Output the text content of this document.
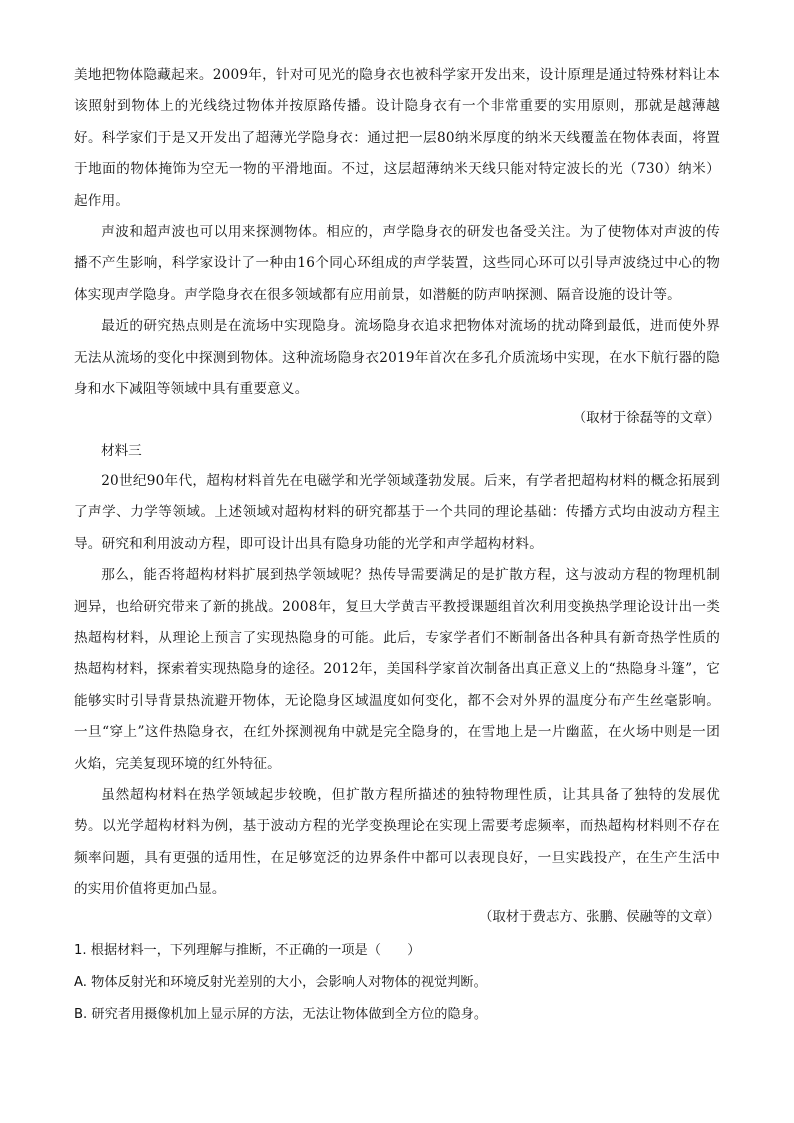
美地把物体隐藏起来。2009年，针对可见光的隐身衣也被科学家开发出来，设计原理是通过特殊材料让本该照射到物体上的光线绕过物体并按原路传播。设计隐身衣有一个非常重要的实用原则，那就是越薄越好。科学家们于是又开发出了超薄光学隐身衣：通过把一层80纳米厚度的纳米天线覆盖在物体表面，将置于地面的物体掩饰为空无一物的平滑地面。不过，这层超薄纳米天线只能对特定波长的光（730）纳米）起作用。

声波和超声波也可以用来探测物体。相应的，声学隐身衣的研发也备受关注。为了使物体对声波的传播不产生影响，科学家设计了一种由16个同心环组成的声学装置，这些同心环可以引导声波绕过中心的物体实现声学隐身。声学隐身衣在很多领域都有应用前景，如潜艇的防声呐探测、隔音设施的设计等。

最近的研究热点则是在流场中实现隐身。流场隐身衣追求把物体对流场的扰动降到最低，进而使外界无法从流场的变化中探测到物体。这种流场隐身衣2019年首次在多孔介质流场中实现，在水下航行器的隐身和水下减阻等领域中具有重要意义。

（取材于徐磊等的文章）
材料三

20世纪90年代，超构材料首先在电磁学和光学领域蓬勃发展。后来，有学者把超构材料的概念拓展到了声学、力学等领域。上述领域对超构材料的研究都基于一个共同的理论基础：传播方式均由波动方程主导。研究和利用波动方程，即可设计出具有隐身功能的光学和声学超构材料。

那么，能否将超构材料扩展到热学领域呢？热传导需要满足的是扩散方程，这与波动方程的物理机制迥异，也给研究带来了新的挑战。2008年，复旦大学黄吉平教授课题组首次利用变换热学理论设计出一类热超构材料，从理论上预言了实现热隐身的可能。此后，专家学者们不断制备出各种具有新奇热学性质的热超构材料，探索着实现热隐身的途径。2012年，美国科学家首次制备出真正意义上的“热隐身斗篷”，它能够实时引导背景热流避开物体，无论隐身区域温度如何变化，都不会对外界的温度分布产生丝毫影响。一旦“穿上”这件热隐身衣，在红外探测视角中就是完全隐身的，在雪地上是一片幽蓝，在火场中则是一团火焰，完美复现环境的红外特征。

虽然超构材料在热学领域起步较晚，但扩散方程所描述的独特物理性质，让其具备了独特的发展优势。以光学超构材料为例，基于波动方程的光学变换理论在实现上需要考虑频率，而热超构材料则不存在频率问题，具有更强的适用性，在足够宽泛的边界条件中都可以表现良好，一旦实践投产，在生产生活中的实用价值将更加凸显。

（取材于费志方、张鹏、侯融等的文章）

1. 根据材料一，下列理解与推断，不正确的一项是（　　）

A. 物体反射光和环境反射光差别的大小，会影响人对物体的视觉判断。

B. 研究者用摄像机加上显示屏的方法，无法让物体做到全方位的隐身。
